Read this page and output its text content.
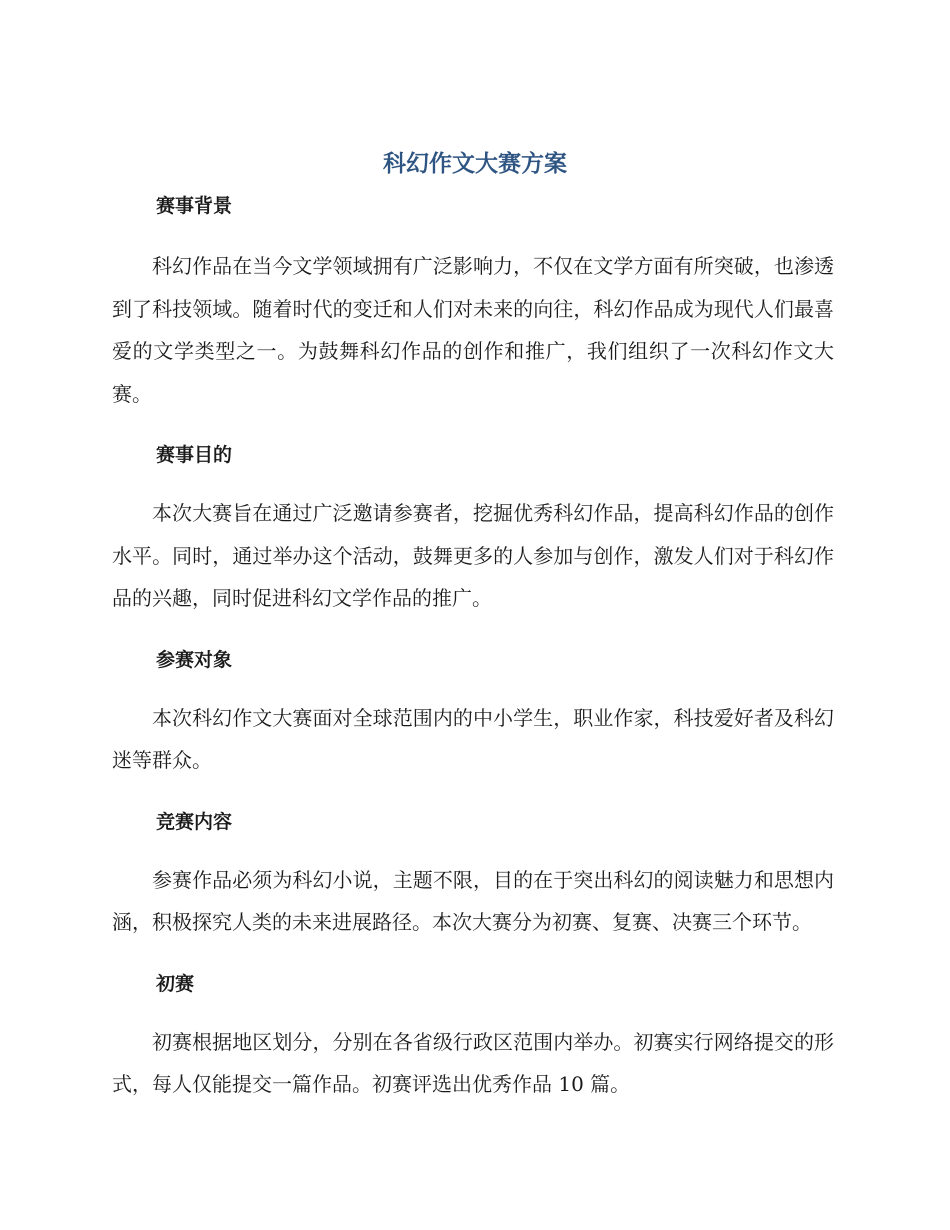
科幻作文大赛方案
赛事背景

科幻作品在当今文学领域拥有广泛影响力，不仅在文学方面有所突破，也渗透到了科技领域。随着时代的变迁和人们对未来的向往，科幻作品成为现代人们最喜爱的文学类型之一。为鼓舞科幻作品的创作和推广，我们组织了一次科幻作文大赛。

赛事目的

本次大赛旨在通过广泛邀请参赛者，挖掘优秀科幻作品，提高科幻作品的创作水平。同时，通过举办这个活动，鼓舞更多的人参加与创作，激发人们对于科幻作品的兴趣，同时促进科幻文学作品的推广。

参赛对象

本次科幻作文大赛面对全球范围内的中小学生，职业作家，科技爱好者及科幻迷等群众。

竞赛内容

参赛作品必须为科幻小说，主题不限，目的在于突出科幻的阅读魅力和思想内涵，积极探究人类的未来进展路径。本次大赛分为初赛、复赛、决赛三个环节。

初赛

初赛根据地区划分，分别在各省级行政区范围内举办。初赛实行网络提交的形式，每人仅能提交一篇作品。初赛评选出优秀作品 10 篇。
